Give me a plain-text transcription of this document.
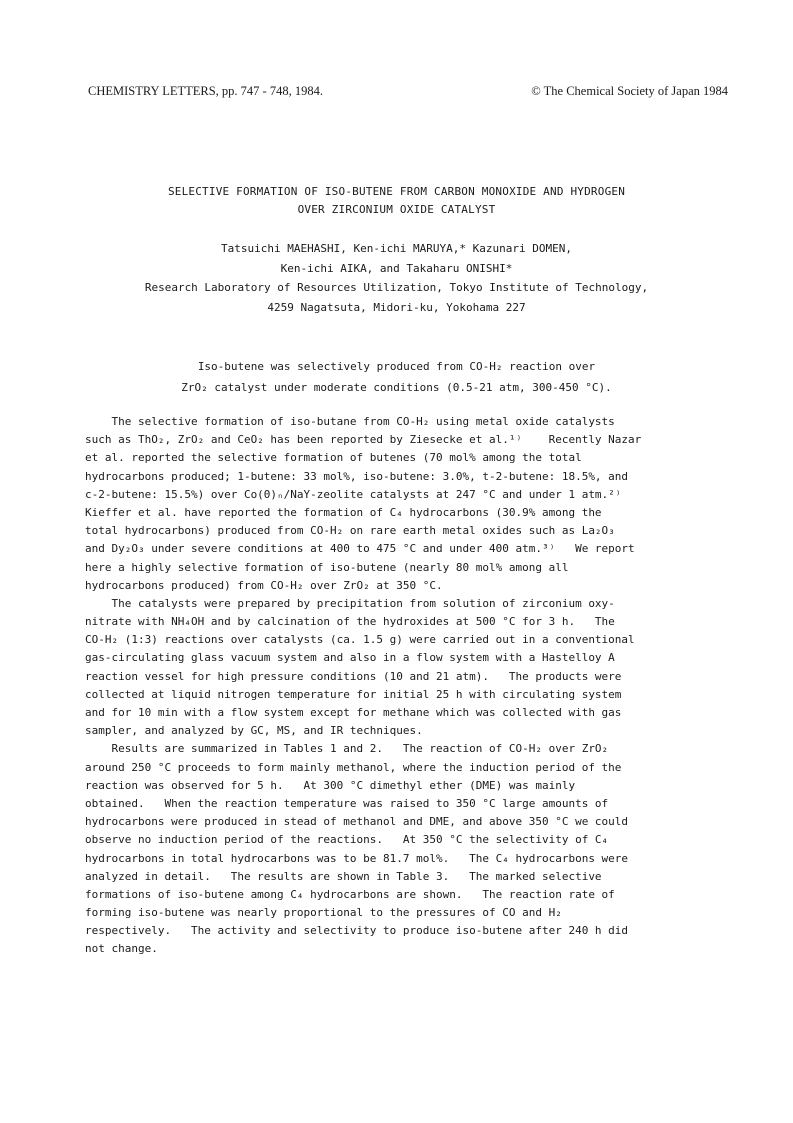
CHEMISTRY LETTERS, pp. 747 - 748, 1984.	© The Chemical Society of Japan 1984
SELECTIVE FORMATION OF ISO-BUTENE FROM CARBON MONOXIDE AND HYDROGEN
OVER ZIRCONIUM OXIDE CATALYST
Tatsuichi MAEHASHI, Ken-ichi MARUYA,* Kazunari DOMEN,
Ken-ichi AIKA, and Takaharu ONISHI*
Research Laboratory of Resources Utilization, Tokyo Institute of Technology,
4259 Nagatsuta, Midori-ku, Yokohama 227
Iso-butene was selectively produced from CO-H₂ reaction over
ZrO₂ catalyst under moderate conditions (0.5-21 atm, 300-450 °C).
The selective formation of iso-butane from CO-H₂ using metal oxide catalysts
such as ThO₂, ZrO₂ and CeO₂ has been reported by Ziesecke et al.¹⁾    Recently Nazar
et al. reported the selective formation of butenes (70 mol% among the total
hydrocarbons produced; 1-butene: 33 mol%, iso-butene: 3.0%, t-2-butene: 18.5%, and
c-2-butene: 15.5%) over Co(0)ₙ/NaY-zeolite catalysts at 247 °C and under 1 atm.²⁾
Kieffer et al. have reported the formation of C₄ hydrocarbons (30.9% among the
total hydrocarbons) produced from CO-H₂ on rare earth metal oxides such as La₂O₃
and Dy₂O₃ under severe conditions at 400 to 475 °C and under 400 atm.³⁾   We report
here a highly selective formation of iso-butene (nearly 80 mol% among all
hydrocarbons produced) from CO-H₂ over ZrO₂ at 350 °C.
The catalysts were prepared by precipitation from solution of zirconium oxy-
nitrate with NH₄OH and by calcination of the hydroxides at 500 °C for 3 h.   The
CO-H₂ (1:3) reactions over catalysts (ca. 1.5 g) were carried out in a conventional
gas-circulating glass vacuum system and also in a flow system with a Hastelloy A
reaction vessel for high pressure conditions (10 and 21 atm).   The products were
collected at liquid nitrogen temperature for initial 25 h with circulating system
and for 10 min with a flow system except for methane which was collected with gas
sampler, and analyzed by GC, MS, and IR techniques.
Results are summarized in Tables 1 and 2.   The reaction of CO-H₂ over ZrO₂
around 250 °C proceeds to form mainly methanol, where the induction period of the
reaction was observed for 5 h.   At 300 °C dimethyl ether (DME) was mainly
obtained.   When the reaction temperature was raised to 350 °C large amounts of
hydrocarbons were produced in stead of methanol and DME, and above 350 °C we could
observe no induction period of the reactions.   At 350 °C the selectivity of C₄
hydrocarbons in total hydrocarbons was to be 81.7 mol%.   The C₄ hydrocarbons were
analyzed in detail.   The results are shown in Table 3.   The marked selective
formations of iso-butene among C₄ hydrocarbons are shown.   The reaction rate of
forming iso-butene was nearly proportional to the pressures of CO and H₂
respectively.   The activity and selectivity to produce iso-butene after 240 h did
not change.
